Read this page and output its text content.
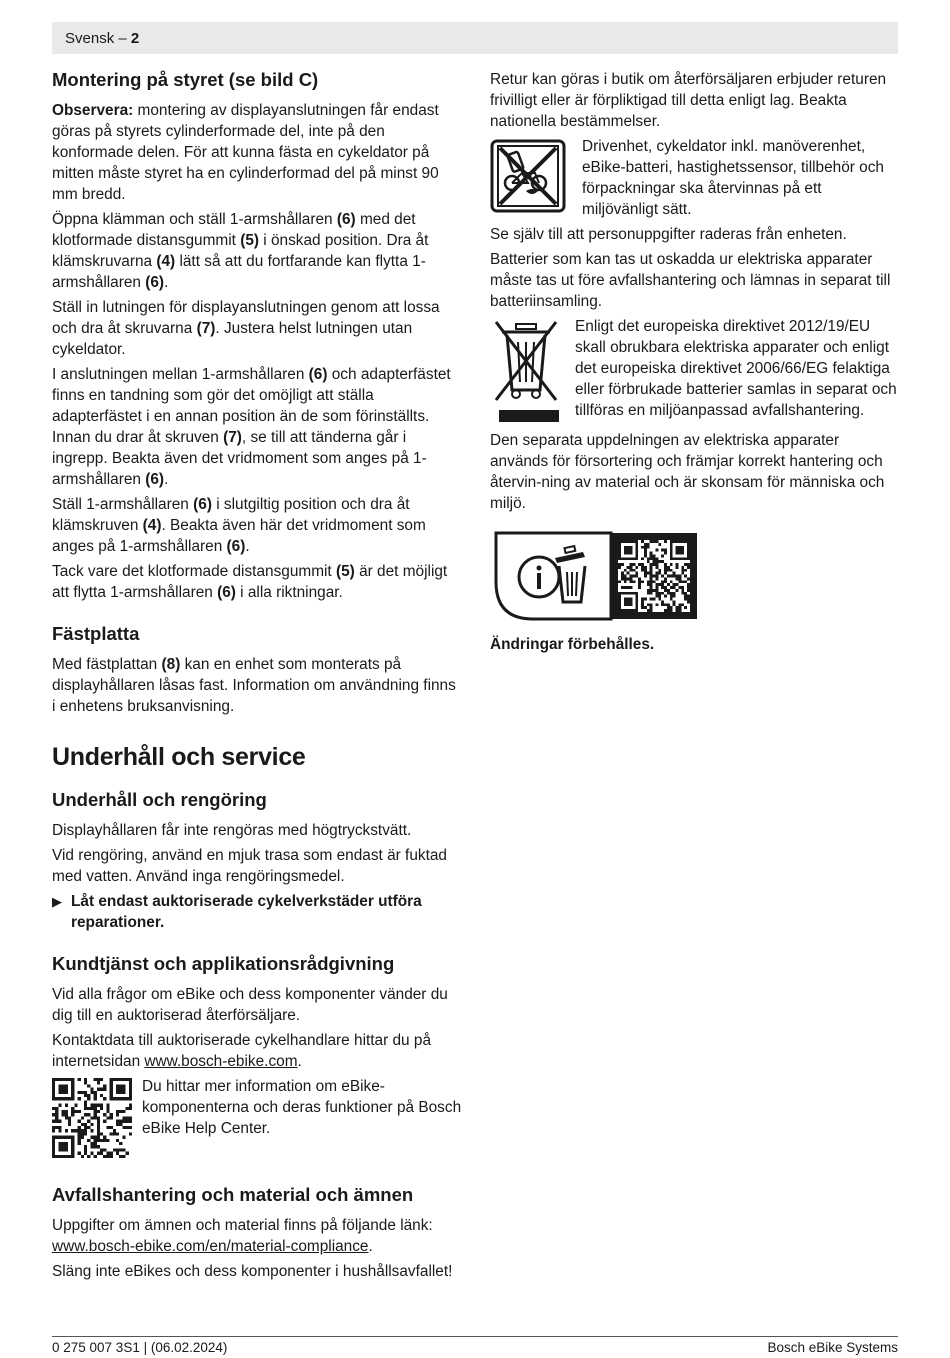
Svensk – 2
Montering på styret (se bild C)

Observera: montering av displayanslutningen får endast göras på styrets cylinderformade del, inte på den konformade delen. För att kunna fästa en cykeldator på mitten måste styret ha en cylinderformad del på minst 90 mm bredd.

Öppna klämman och ställ 1-armshållaren (6) med det klotformade distansgummit (5) i önskad position. Dra åt klämskruvarna (4) lätt så att du fortfarande kan flytta 1-armshållaren (6).

Ställ in lutningen för displayanslutningen genom att lossa och dra åt skruvarna (7). Justera helst lutningen utan cykeldator.

I anslutningen mellan 1-armshållaren (6) och adapterfästet finns en tandning som gör det omöjligt att ställa adapterfästet i en annan position än de som förinställts. Innan du drar åt skruven (7), se till att tänderna går i ingrepp. Beakta även det vridmoment som anges på 1-armshållaren (6).

Ställ 1-armshållaren (6) i slutgiltig position och dra åt klämskruven (4). Beakta även här det vridmoment som anges på 1-armshållaren (6).

Tack vare det klotformade distansgummit (5) är det möjligt att flytta 1-armshållaren (6) i alla riktningar.

Fästplatta

Med fästplattan (8) kan en enhet som monterats på displayhållaren låsas fast. Information om användning finns i enhetens bruksanvisning.

Underhåll och service
Underhåll och rengöring

Displayhållaren får inte rengöras med högtryckstvätt.

Vid rengöring, använd en mjuk trasa som endast är fuktad med vatten. Använd inga rengöringsmedel.

▶ Låt endast auktoriserade cykelverkstäder utföra reparationer.
Kundtjänst och applikationsrådgivning

Vid alla frågor om eBike och dess komponenter vänder du dig till en auktoriserad återförsäljare.

Kontaktdata till auktoriserade cykelhandlare hittar du på internetsidan www.bosch-ebike.com.

Du hittar mer information om eBike-komponenterna och deras funktioner på Bosch eBike Help Center.
Avfallshantering och material och ämnen

Uppgifter om ämnen och material finns på följande länk: www.bosch-ebike.com/en/material-compliance.

Släng inte eBikes och dess komponenter i hushållsavfallet!

Retur kan göras i butik om återförsäljaren erbjuder returen frivilligt eller är förpliktigad till detta enligt lag. Beakta nationella bestämmelser.

Drivenhet, cykeldator inkl. manöverenhet, eBike-batteri, hastighetssensor, tillbehör och förpackningar ska återvinnas på ett miljövänligt sätt.

Se själv till att personuppgifter raderas från enheten.

Batterier som kan tas ut oskadda ur elektriska apparater måste tas ut före avfallshantering och lämnas in separat till batteriinsamling.

Enligt det europeiska direktivet 2012/19/EU skall obrukbara elektriska apparater och enligt det europeiska direktivet 2006/66/EG felaktiga eller förbrukade batterier samlas in separat och tillföras en miljöanpassad avfallshantering.

Den separata uppdelningen av elektriska apparater används för försortering och främjar korrekt hantering och återvin-ning av material och är skonsam för människa och miljö.

Ändringar förbehålles.

0 275 007 3S1 | (06.02.2024)	Bosch eBike Systems
